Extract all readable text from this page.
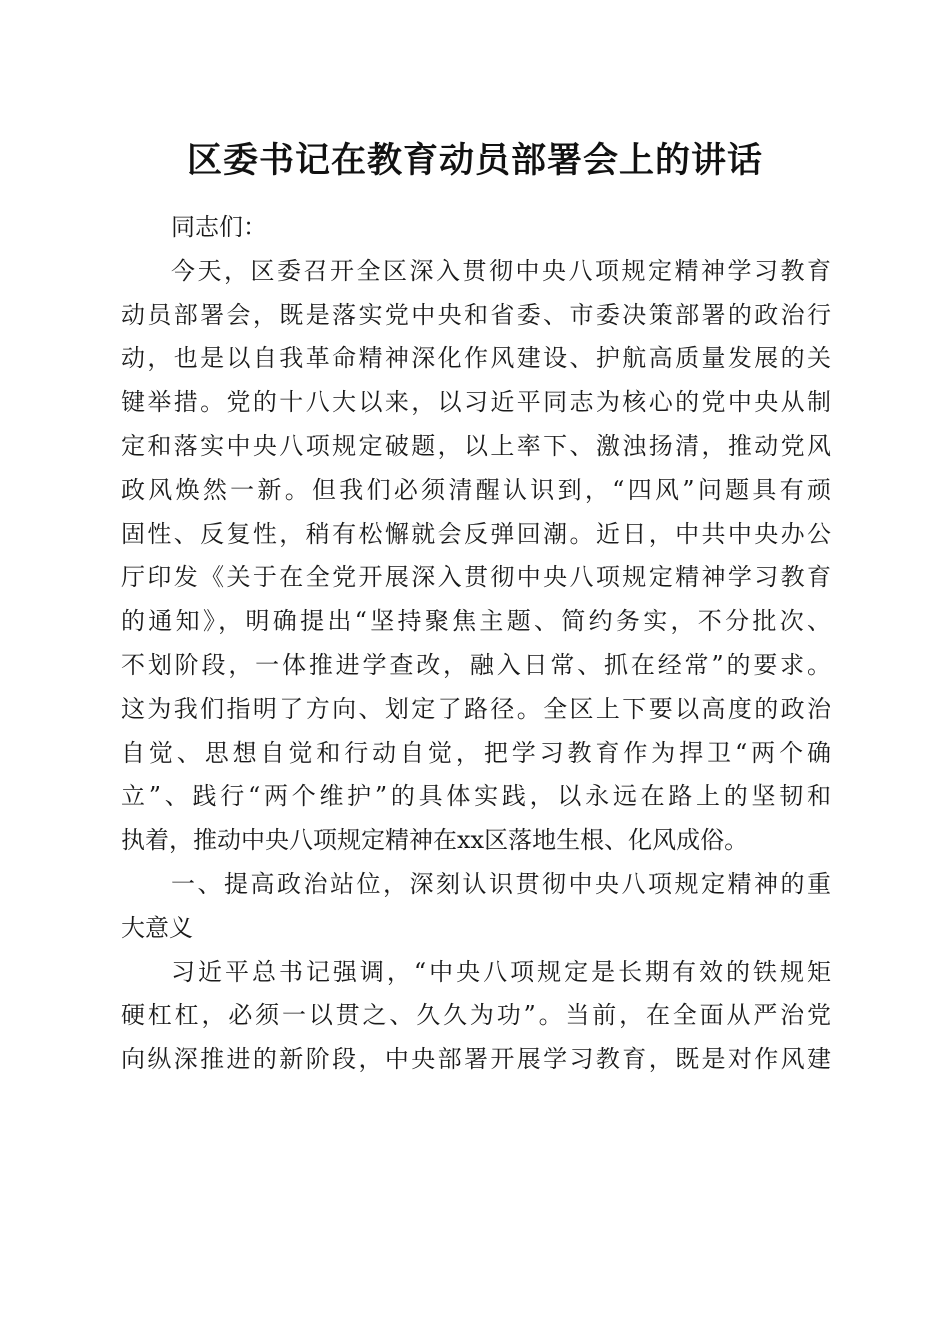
区委书记在教育动员部署会上的讲话
同志们：
今天，区委召开全区深入贯彻中央八项规定精神学习教育
动员部署会，既是落实党中央和省委、市委决策部署的政治行
动，也是以自我革命精神深化作风建设、护航高质量发展的关
键举措。党的十八大以来，以习近平同志为核心的党中央从制
定和落实中央八项规定破题，以上率下、激浊扬清，推动党风
政风焕然一新。但我们必须清醒认识到，“四风”问题具有顽
固性、反复性，稍有松懈就会反弹回潮。近日，中共中央办公
厅印发《关于在全党开展深入贯彻中央八项规定精神学习教育
的通知》，明确提出“坚持聚焦主题、简约务实，不分批次、
不划阶段，一体推进学查改，融入日常、抓在经常”的要求。
这为我们指明了方向、划定了路径。全区上下要以高度的政治
自觉、思想自觉和行动自觉，把学习教育作为捍卫“两个确
立”、践行“两个维护”的具体实践，以永远在路上的坚韧和
执着，推动中央八项规定精神在xx区落地生根、化风成俗。
一、提高政治站位，深刻认识贯彻中央八项规定精神的重
大意义
习近平总书记强调，“中央八项规定是长期有效的铁规矩
硬杠杠，必须一以贯之、久久为功”。当前，在全面从严治党
向纵深推进的新阶段，中央部署开展学习教育，既是对作风建
